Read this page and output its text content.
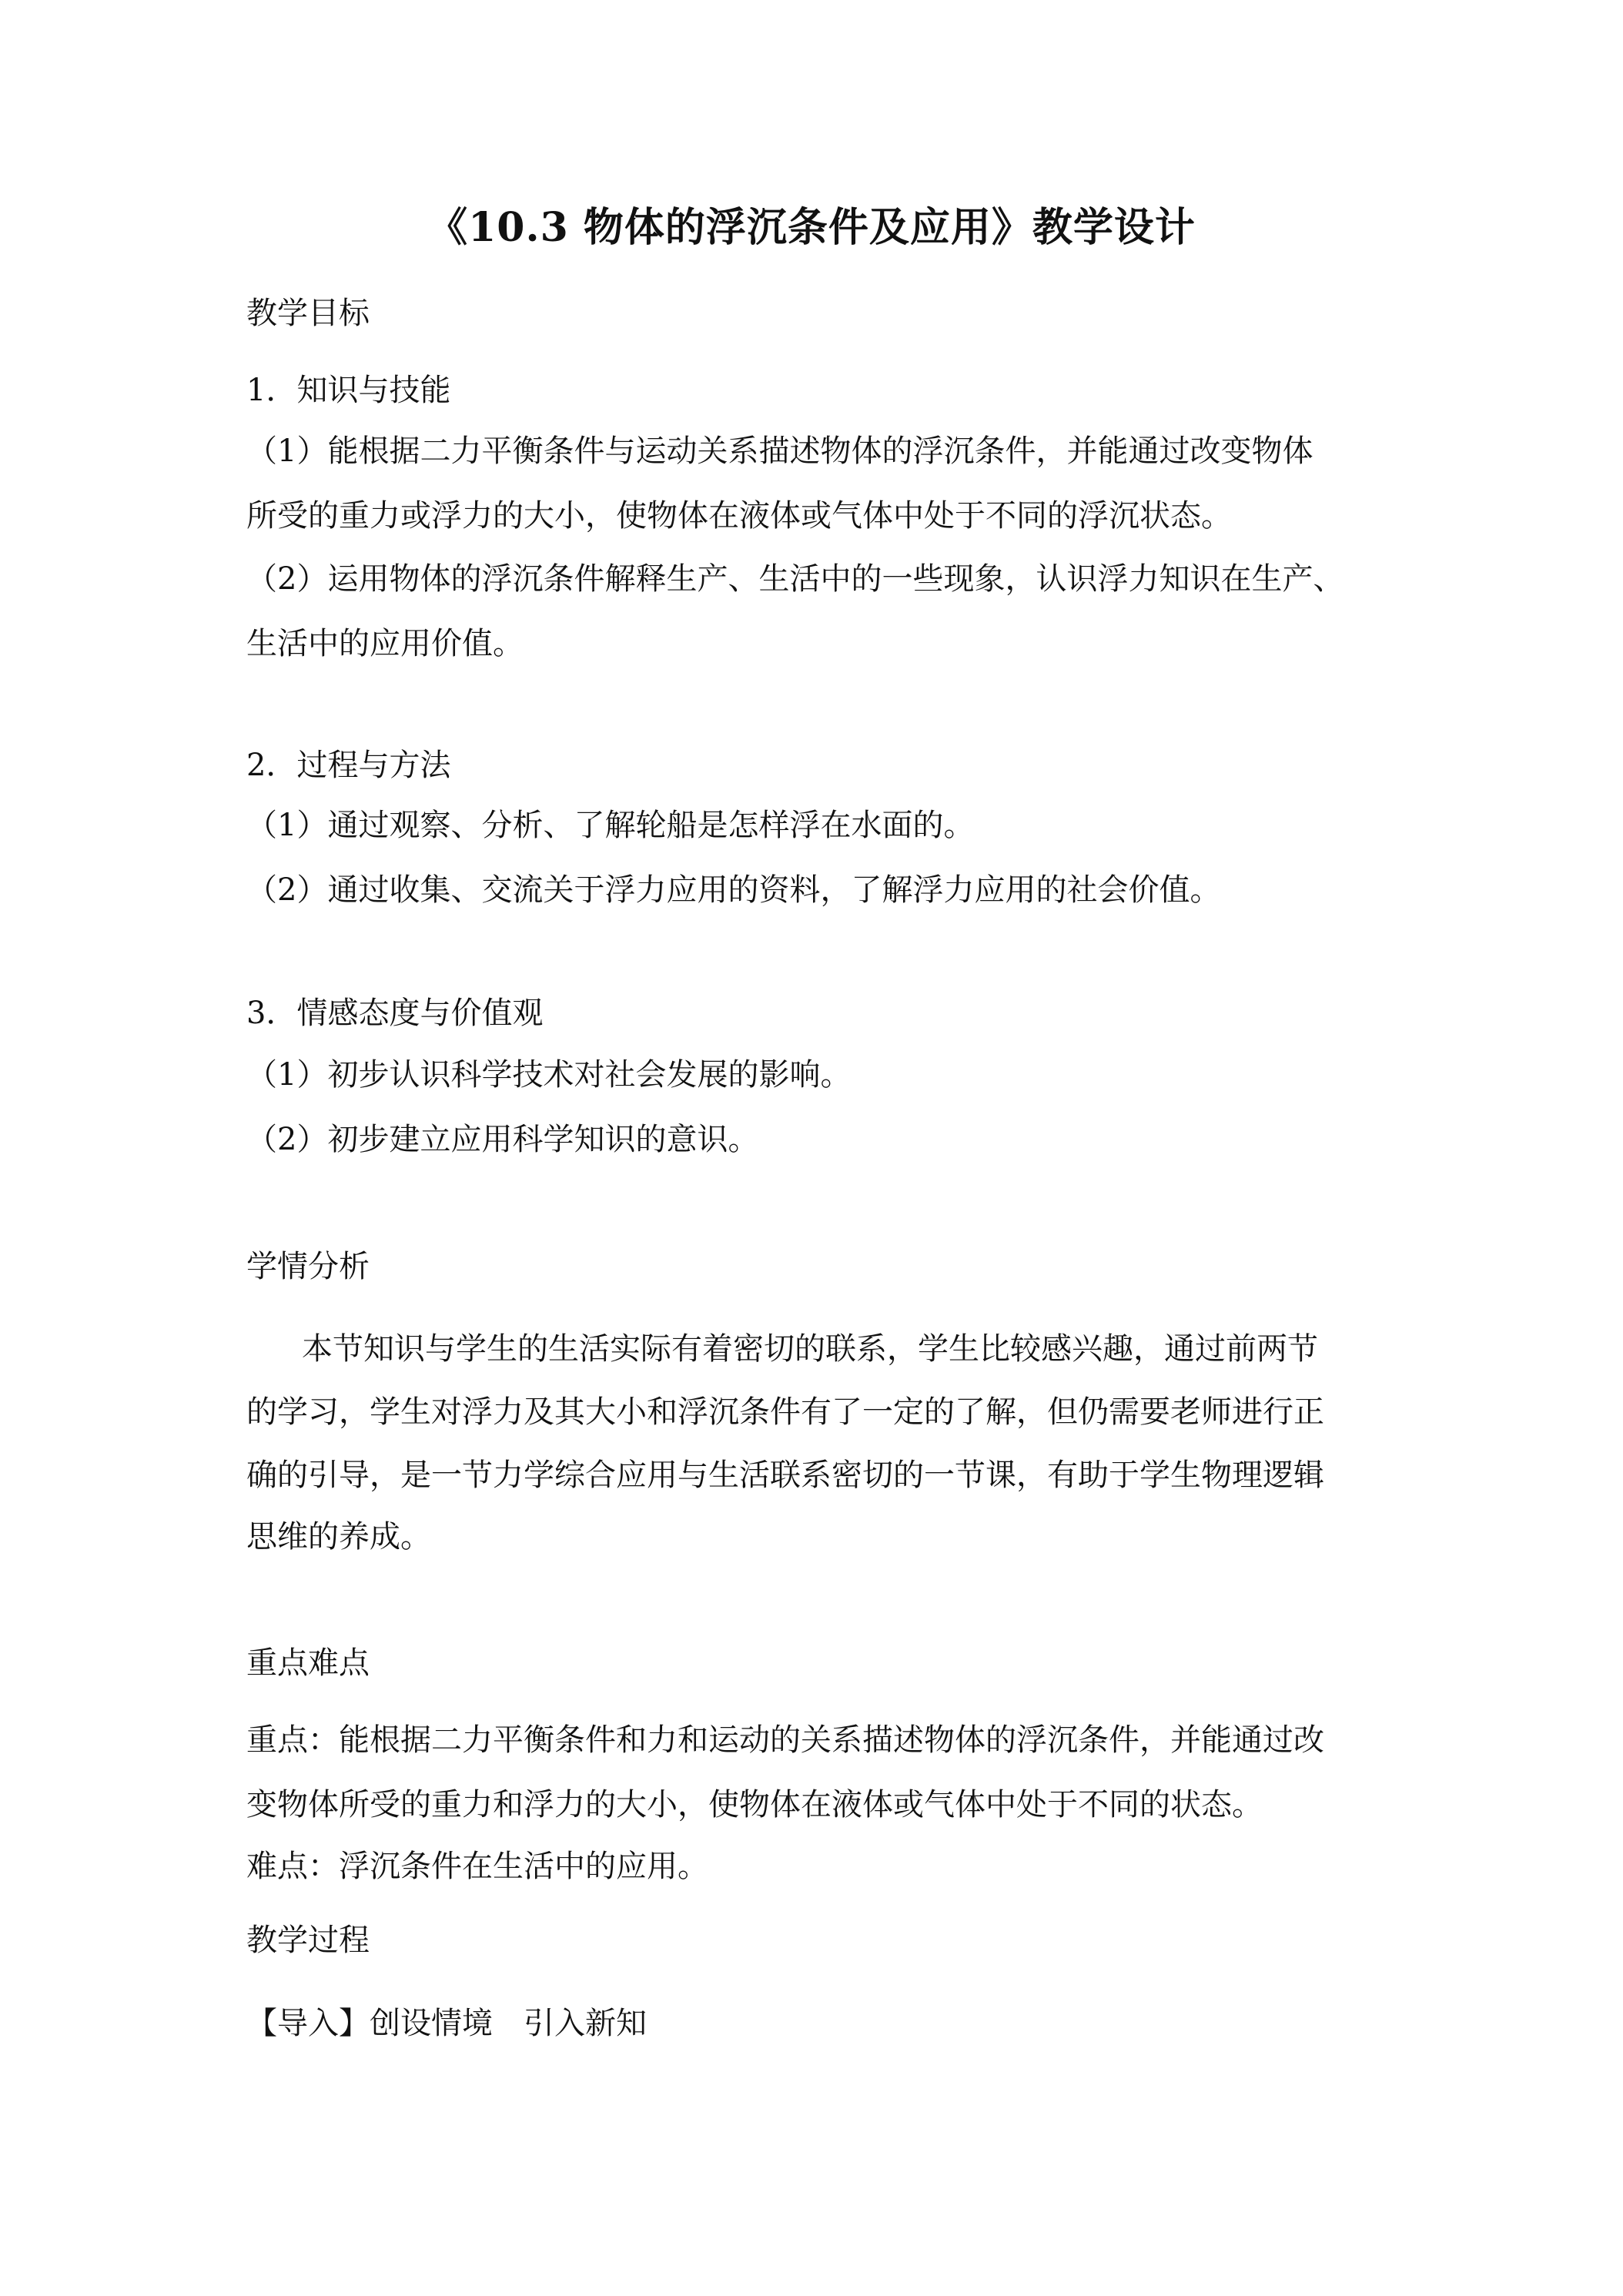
《10.3 物体的浮沉条件及应用》教学设计
教学目标
1．知识与技能
（1）能根据二力平衡条件与运动关系描述物体的浮沉条件，并能通过改变物体
所受的重力或浮力的大小，使物体在液体或气体中处于不同的浮沉状态。
（2）运用物体的浮沉条件解释生产、生活中的一些现象，认识浮力知识在生产、
生活中的应用价值。
2．过程与方法
（1）通过观察、分析、了解轮船是怎样浮在水面的。
（2）通过收集、交流关于浮力应用的资料，了解浮力应用的社会价值。
3．情感态度与价值观
（1）初步认识科学技术对社会发展的影响。
（2）初步建立应用科学知识的意识。
学情分析
本节知识与学生的生活实际有着密切的联系，学生比较感兴趣，通过前两节
的学习，学生对浮力及其大小和浮沉条件有了一定的了解，但仍需要老师进行正
确的引导，是一节力学综合应用与生活联系密切的一节课，有助于学生物理逻辑
思维的养成。
重点难点
重点：能根据二力平衡条件和力和运动的关系描述物体的浮沉条件，并能通过改
变物体所受的重力和浮力的大小，使物体在液体或气体中处于不同的状态。
难点：浮沉条件在生活中的应用。
教学过程
【导入】创设情境　引入新知
